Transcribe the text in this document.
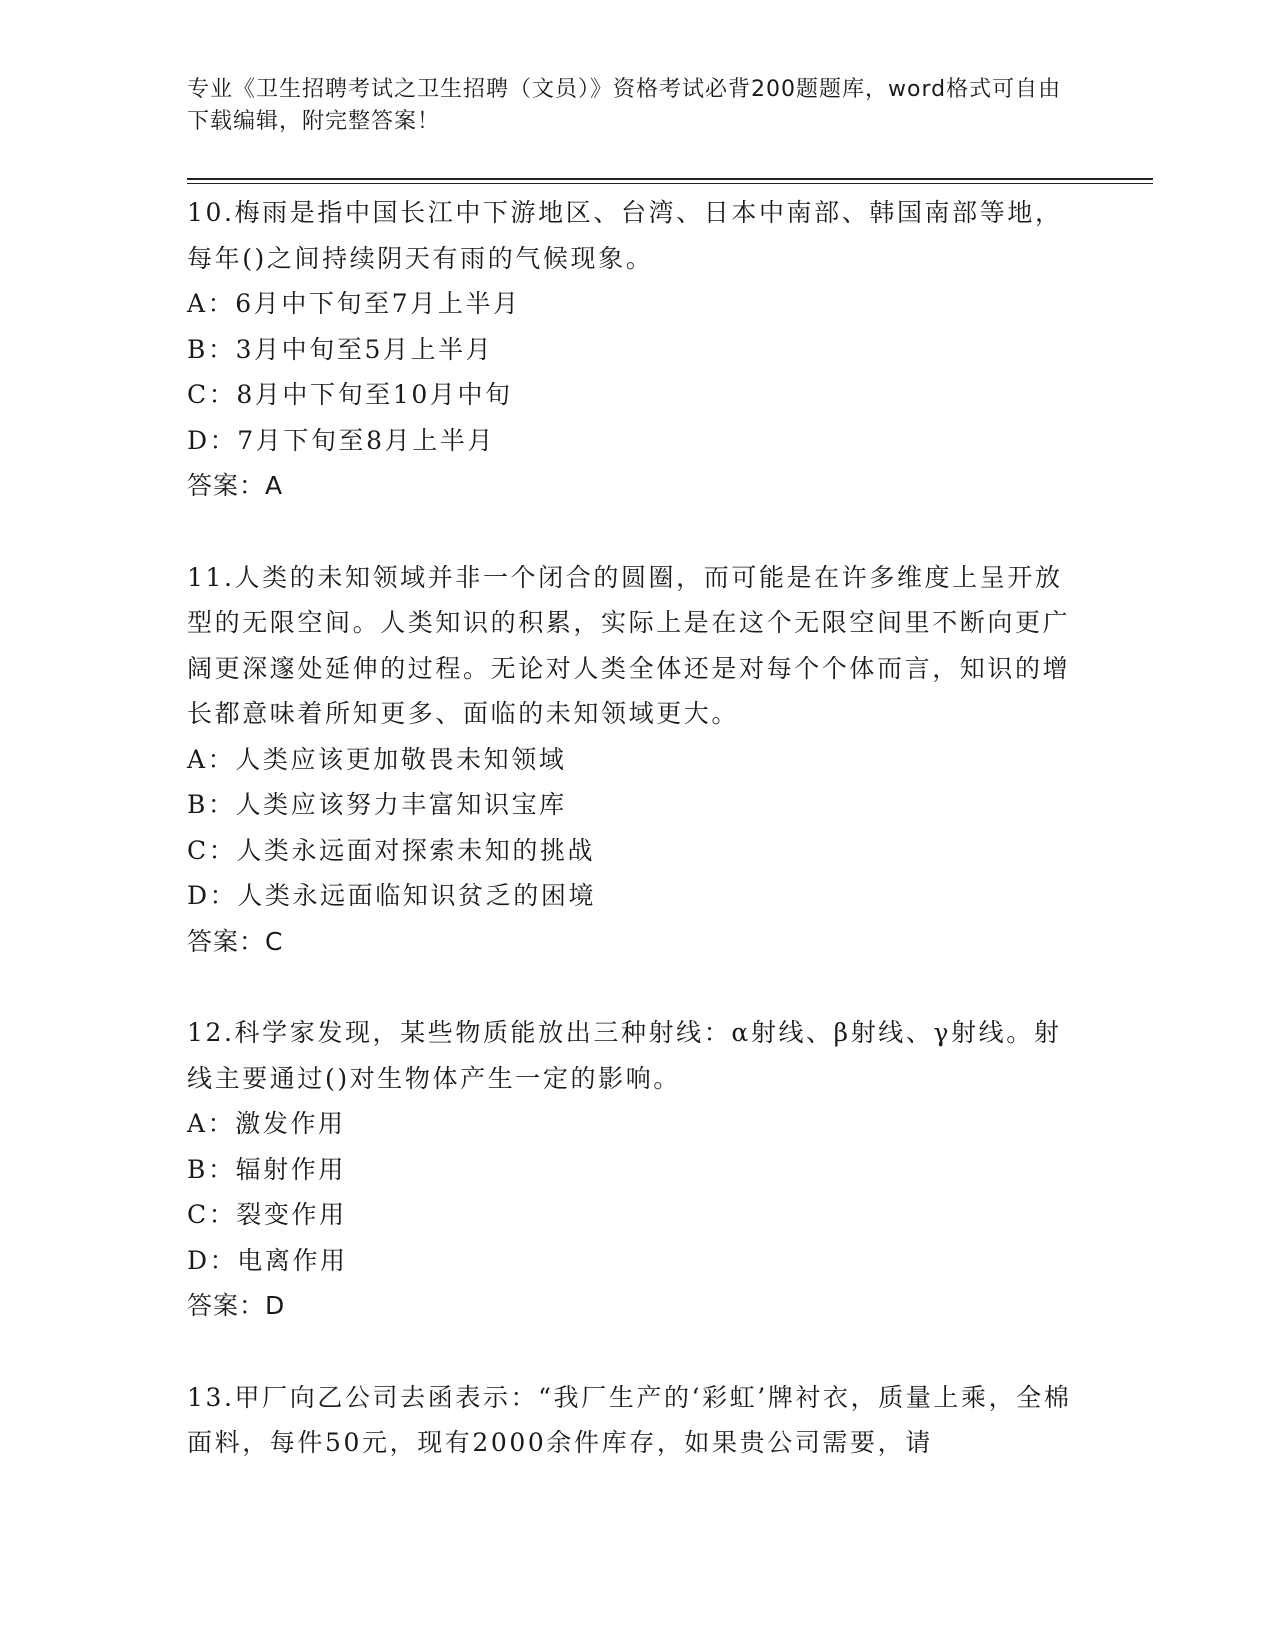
专业《卫生招聘考试之卫生招聘（文员）》资格考试必背200题题库，word格式可自由下载编辑，附完整答案！
10.梅雨是指中国长江中下游地区、台湾、日本中南部、韩国南部等地，每年()之间持续阴天有雨的气候现象。
A：6月中下旬至7月上半月
B：3月中旬至5月上半月
C：8月中下旬至10月中旬
D：7月下旬至8月上半月
答案：A
11.人类的未知领域并非一个闭合的圆圈，而可能是在许多维度上呈开放型的无限空间。人类知识的积累，实际上是在这个无限空间里不断向更广阔更深邃处延伸的过程。无论对人类全体还是对每个个体而言，知识的增长都意味着所知更多、面临的未知领域更大。
A：人类应该更加敬畏未知领域
B：人类应该努力丰富知识宝库
C：人类永远面对探索未知的挑战
D：人类永远面临知识贫乏的困境
答案：C
12.科学家发现，某些物质能放出三种射线：α射线、β射线、γ射线。射线主要通过()对生物体产生一定的影响。
A：激发作用
B：辐射作用
C：裂变作用
D：电离作用
答案：D
13.甲厂向乙公司去函表示：“我厂生产的‘彩虹’牌衬衣，质量上乘，全棉面料，每件50元，现有2000余件库存，如果贵公司需要，请
